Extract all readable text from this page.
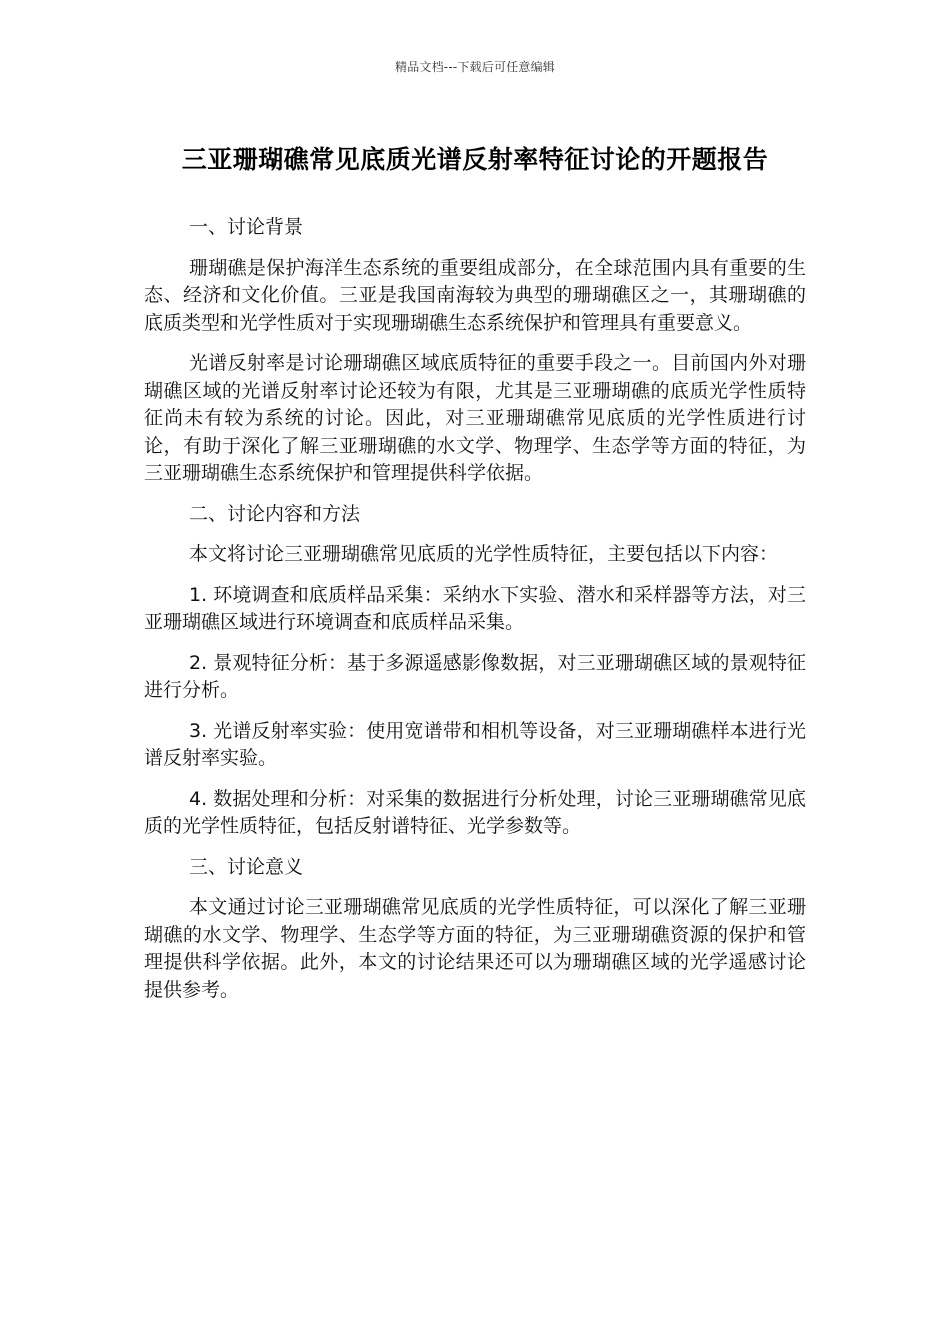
精品文档---下载后可任意编辑
三亚珊瑚礁常见底质光谱反射率特征讨论的开题报告

一、讨论背景

珊瑚礁是保护海洋生态系统的重要组成部分，在全球范围内具有重要的生态、经济和文化价值。三亚是我国南海较为典型的珊瑚礁区之一，其珊瑚礁的底质类型和光学性质对于实现珊瑚礁生态系统保护和管理具有重要意义。

光谱反射率是讨论珊瑚礁区域底质特征的重要手段之一。目前国内外对珊瑚礁区域的光谱反射率讨论还较为有限，尤其是三亚珊瑚礁的底质光学性质特征尚未有较为系统的讨论。因此，对三亚珊瑚礁常见底质的光学性质进行讨论，有助于深化了解三亚珊瑚礁的水文学、物理学、生态学等方面的特征，为三亚珊瑚礁生态系统保护和管理提供科学依据。

二、讨论内容和方法

本文将讨论三亚珊瑚礁常见底质的光学性质特征，主要包括以下内容：

1. 环境调查和底质样品采集：采纳水下实验、潜水和采样器等方法，对三亚珊瑚礁区域进行环境调查和底质样品采集。

2. 景观特征分析：基于多源遥感影像数据，对三亚珊瑚礁区域的景观特征进行分析。

3. 光谱反射率实验：使用宽谱带和相机等设备，对三亚珊瑚礁样本进行光谱反射率实验。

4. 数据处理和分析：对采集的数据进行分析处理，讨论三亚珊瑚礁常见底质的光学性质特征，包括反射谱特征、光学参数等。

三、讨论意义

本文通过讨论三亚珊瑚礁常见底质的光学性质特征，可以深化了解三亚珊瑚礁的水文学、物理学、生态学等方面的特征，为三亚珊瑚礁资源的保护和管理提供科学依据。此外，本文的讨论结果还可以为珊瑚礁区域的光学遥感讨论提供参考。
